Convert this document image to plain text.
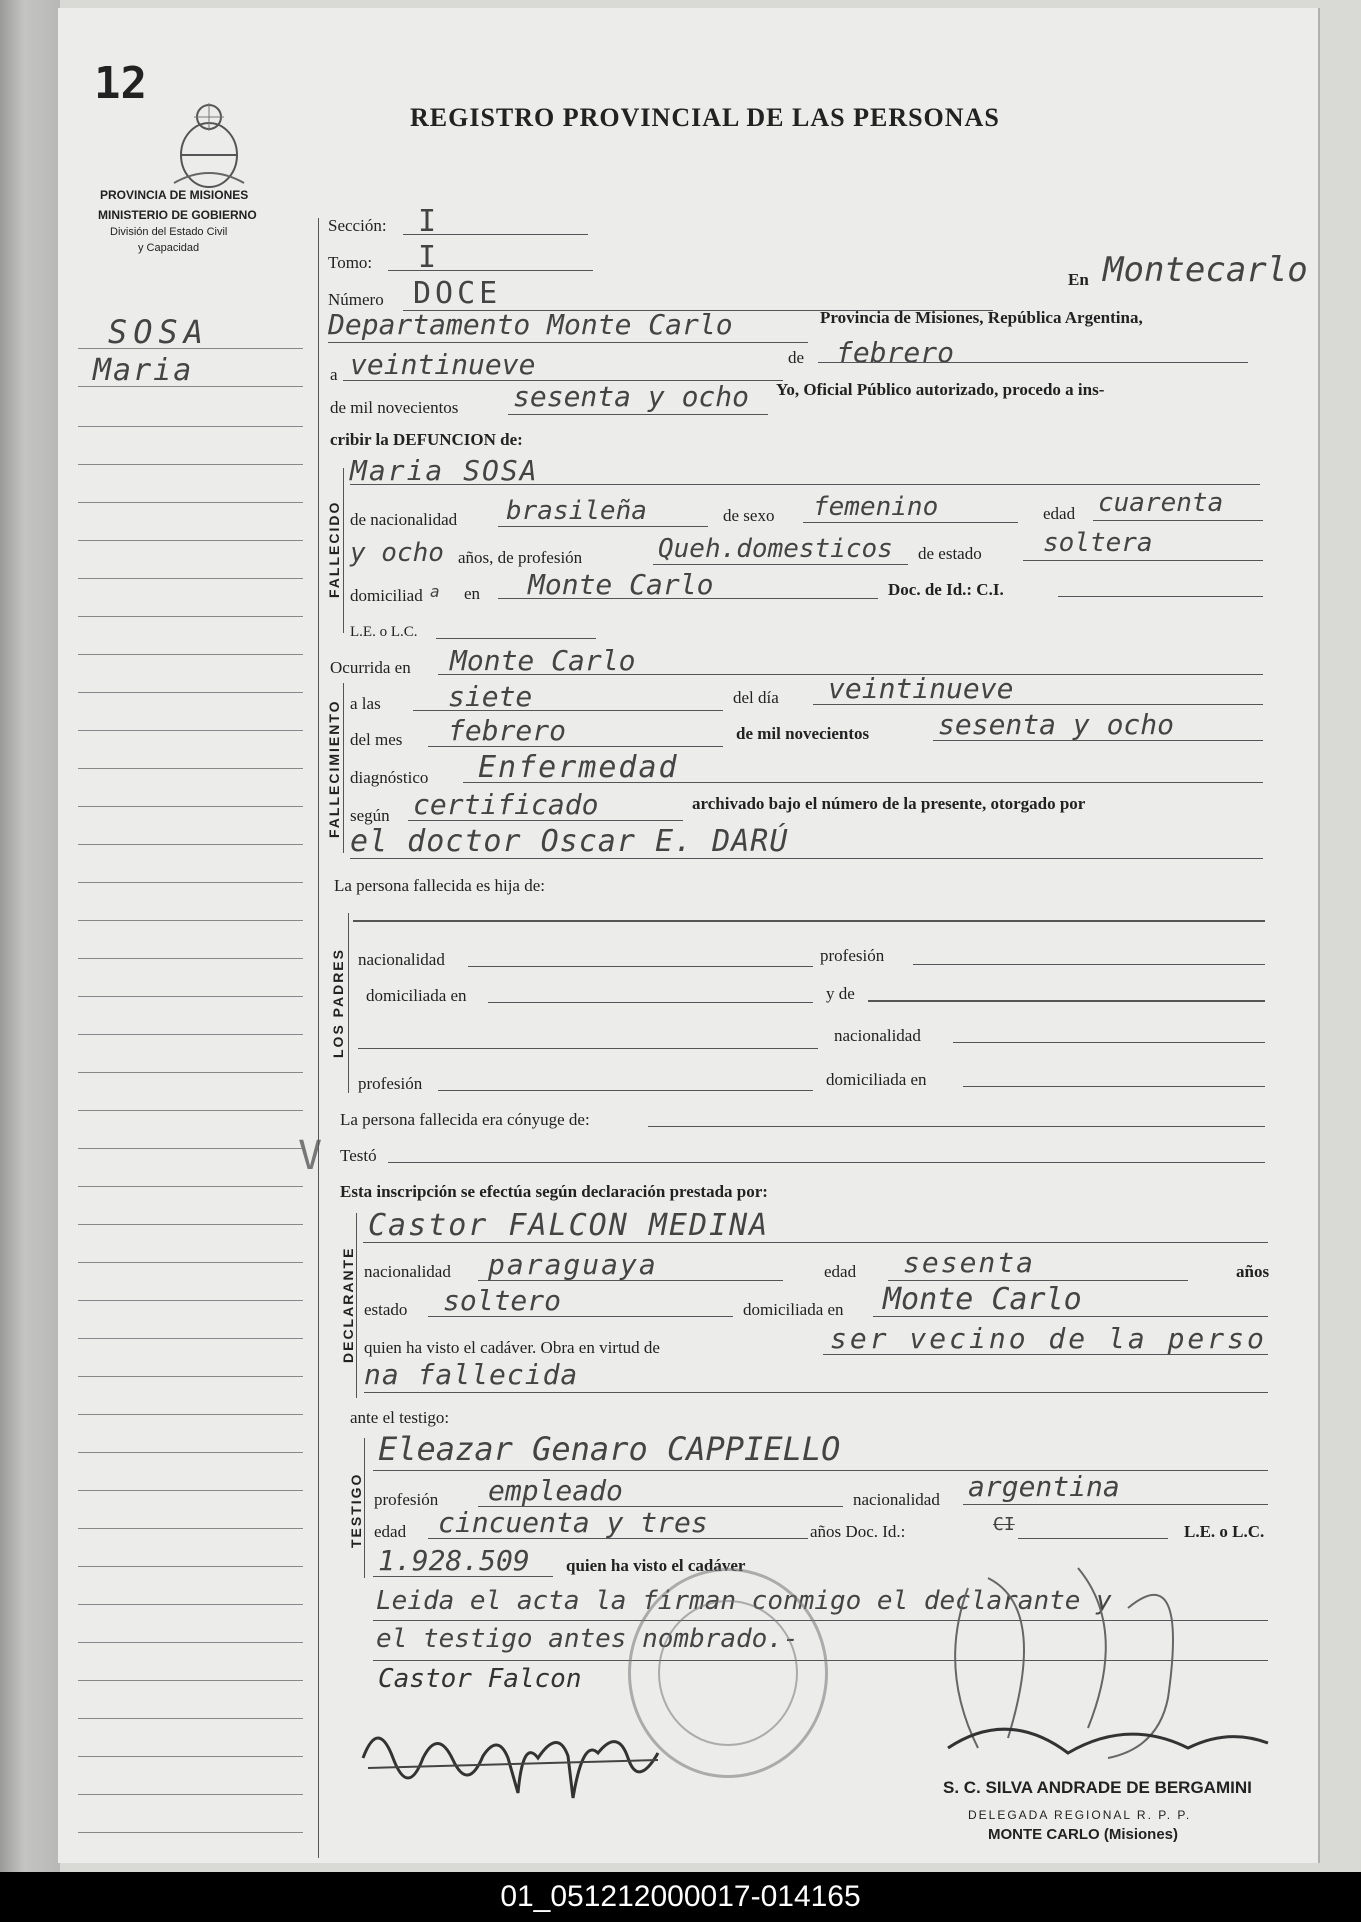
12
PROVINCIA DE MISIONES
MINISTERIO DE GOBIERNO
División del Estado Civil
y Capacidad
REGISTRO PROVINCIAL DE LAS PERSONAS
SOSA
Maria
V
Sección: I
Tomo: I
Número DOCE	En Montecarlo
Departamento Monte Carlo	Provincia de Misiones, República Argentina,
a veintinueve	de febrero
de mil novecientos sesenta y ocho Yo, Oficial Público autorizado, procedo a ins-
cribir la DEFUNCION de:
FALLECIDO
Maria SOSA
de nacionalidad brasileña	de sexo femenino	edad cuarenta
y ocho años, de profesión	Queh.domesticos de estado soltera
domiciliad a en Monte Carlo	Doc. de Id.: C.I.
L.E. o L.C.
Ocurrida en Monte Carlo
FALLECIMIENTO a las siete	del día veintinueve
del mes febrero	de mil novecientos sesenta y ocho
diagnóstico Enfermedad
según certificado	archivado bajo el número de la presente, otorgado por
el doctor Oscar E. DARÚ
La persona fallecida es hija de:
LOS PADRES nacionalidad	profesión
domiciliada en	y de
nacionalidad
profesión	domiciliada en
La persona fallecida era cónyuge de:
Testó
Esta inscripción se efectúa según declaración prestada por:
DECLARANTE
Castor FALCON MEDINA
nacionalidad paraguaya	edad sesenta	años
estado soltero	domiciliada en Monte Carlo
quien ha visto el cadáver. Obra en virtud de	ser vecino de la perso
na fallecida
ante el testigo:
TESTIGO
Eleazar Genaro CAPPIELLO
profesión empleado	nacionalidad argentina
edad cincuenta y tres	años Doc. Id.:	CI	L.E. o L.C.
1.928.509 quien ha visto el cadáver
Leida el acta la firman conmigo el declarante y
el testigo antes nombrado.-
Castor Falcon
S. C. SILVA ANDRADE DE BERGAMINI
DELEGADA REGIONAL R. P. P.
MONTE CARLO (Misiones)
01_051212000017-014165
